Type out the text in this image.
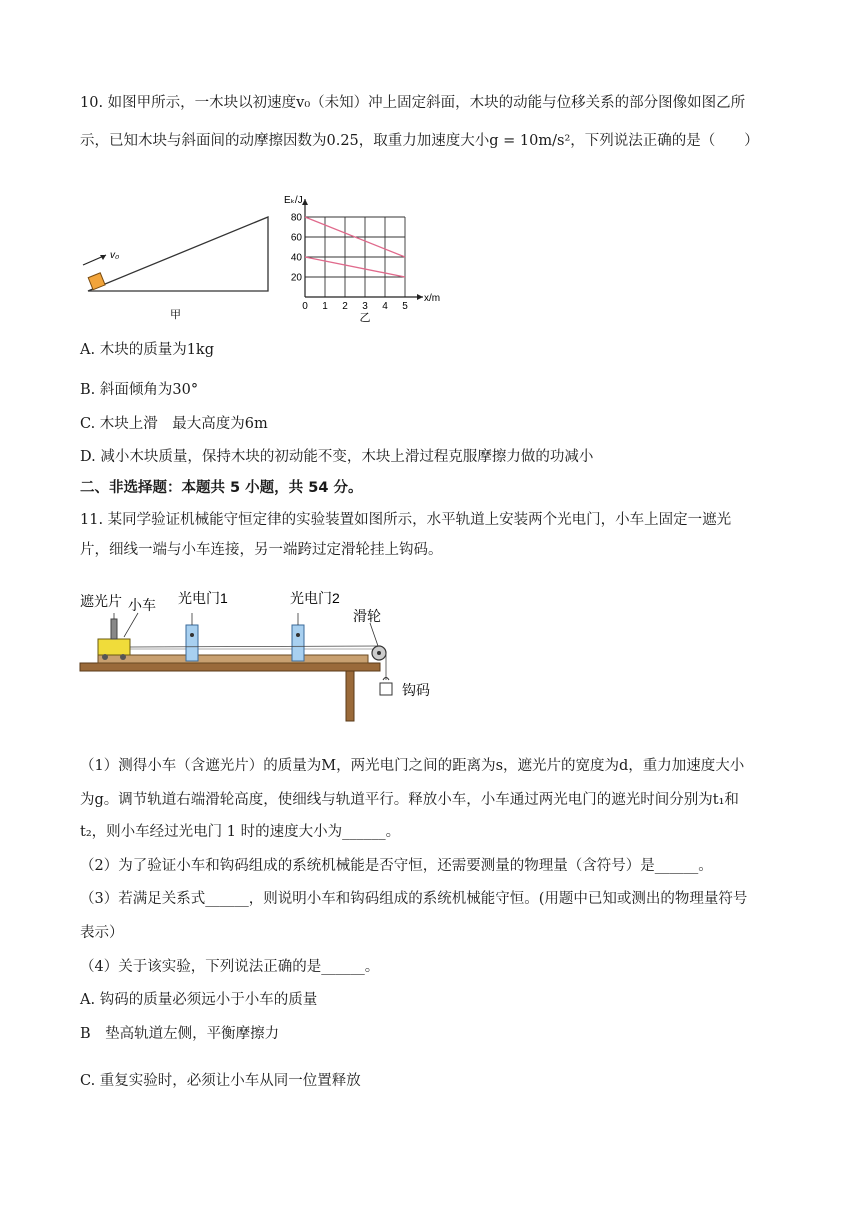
10. 如图甲所示，一木块以初速度v₀（未知）冲上固定斜面，木块的动能与位移关系的部分图像如图乙所
示，已知木块与斜面间的动摩擦因数为0.25，取重力加速度大小g = 10m/s²，下列说法正确的是（　　）
v₀
甲
0 1 2 3 4 5
20
40
60
80
Eₖ/J
x/m
乙
A. 木块的质量为1kg
B. 斜面倾角为30°
C. 木块上滑　最大高度为6m
D. 减小木块质量，保持木块的初动能不变，木块上滑过程克服摩擦力做的功减小
二、非选择题：本题共 5 小题，共 54 分。
11. 某同学验证机械能守恒定律的实验装置如图所示，水平轨道上安装两个光电门，小车上固定一遮光
片，细线一端与小车连接，另一端跨过定滑轮挂上钩码。
遮光片 小车 光电门1	光电门2
滑轮
钩码
（1）测得小车（含遮光片）的质量为M，两光电门之间的距离为s，遮光片的宽度为d，重力加速度大小
为g。调节轨道右端滑轮高度，使细线与轨道平行。释放小车，小车通过两光电门的遮光时间分别为t₁和
t₂，则小车经过光电门 1 时的速度大小为______。
（2）为了验证小车和钩码组成的系统机械能是否守恒，还需要测量的物理量（含符号）是______。
（3）若满足关系式______，则说明小车和钩码组成的系统机械能守恒。(用题中已知或测出的物理量符号
表示）
（4）关于该实验，下列说法正确的是______。
A. 钩码的质量必须远小于小车的质量
B　垫高轨道左侧，平衡摩擦力
C. 重复实验时，必须让小车从同一位置释放
